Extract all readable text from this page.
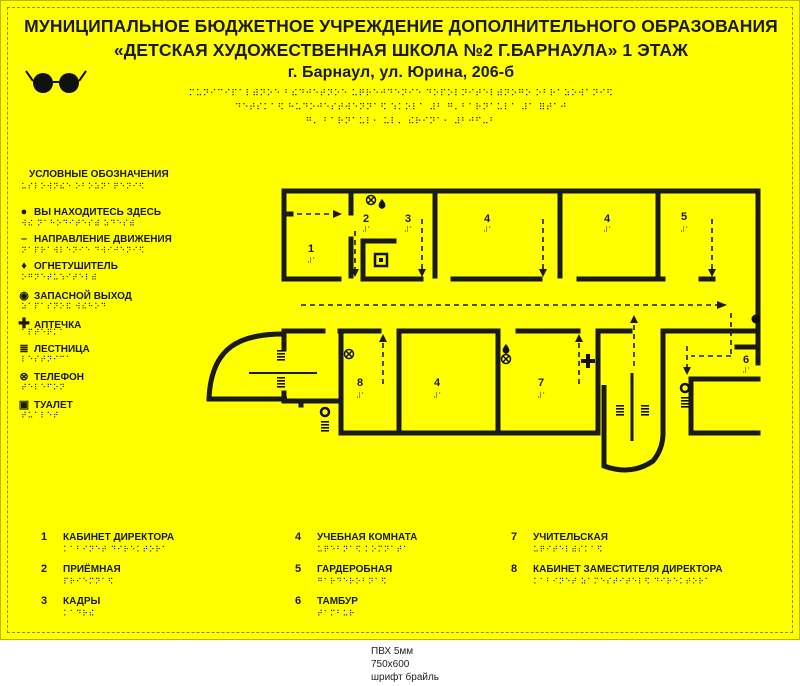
МУНИЦИПАЛЬНОЕ БЮДЖЕТНОЕ УЧРЕЖДЕНИЕ ДОПОЛНИТЕЛЬНОГО ОБРАЗОВАНИЯ
«ДЕТСКАЯ ХУДОЖЕСТВЕННАЯ ШКОЛА №2 Г.БАРНАУЛА» 1 ЭТАЖ
г. Барнаул, ул. Юрина, 206-б
⠍⠥⠝⠊⠉⠊⠏⠁⠇⠾⠝⠕⠑ ⠃⠮⠙⠚⠑⠞⠝⠕⠑ ⠥⠟⠗⠑⠚⠙⠑⠝⠊⠑ ⠙⠕⠏⠕⠇⠝⠊⠞⠑⠇⠾⠝⠕⠛⠕ ⠕⠃⠗⠁⠵⠕⠺⠁⠝⠊⠫
⠙⠑⠞⠎⠅⠁⠫ ⠓⠥⠙⠕⠚⠑⠎⠞⠺⠑⠝⠝⠁⠫ ⠱⠅⠕⠇⠁ ⠼⠃ ⠛⠄⠃⠁⠗⠝⠁⠥⠇⠁ ⠼⠁ ⠿⠞⠁⠚
⠛⠄ ⠃⠁⠗⠝⠁⠥⠇⠂ ⠥⠇⠄ ⠮⠗⠊⠝⠁⠂ ⠼⠃⠚⠋⠤⠃
УСЛОВНЫЕ ОБОЗНАЧЕНИЯ
⠥⠎⠇⠕⠺⠝⠮⠑ ⠕⠃⠕⠵⠝⠁⠟⠑⠝⠊⠫
● ВЫ НАХОДИТЕСЬ ЗДЕСЬ
⠺⠮ ⠝⠁⠓⠕⠙⠊⠞⠑⠎⠾ ⠵⠙⠑⠎⠾
– НАПРАВЛЕНИЕ ДВИЖЕНИЯ
⠝⠁⠏⠗⠁⠺⠇⠑⠝⠊⠑ ⠙⠺⠊⠚⠑⠝⠊⠫
♦ ОГНЕТУШИТЕЛЬ
⠕⠛⠝⠑⠞⠥⠱⠊⠞⠑⠇⠾
◉ ЗАПАСНОЙ ВЫХОД
⠵⠁⠏⠁⠎⠝⠕⠯ ⠺⠮⠓⠕⠙
✚ АПТЕЧКА
⠁⠏⠞⠑⠟⠅⠁
≣ ЛЕСТНИЦА
⠇⠑⠎⠞⠝⠊⠉⠁
⊗ ТЕЛЕФОН
⠞⠑⠇⠑⠋⠕⠝
▣ ТУАЛЕТ
⠞⠥⠁⠇⠑⠞
1
2	3	4	4	5
8	4	7
6
⠼⠁
⠼⠁	⠼⠁	⠼⠁	⠼⠁	⠼⠁
⠼⠁	⠼⠁	⠼⠁
⠼⠁
1 КАБИНЕТ ДИРЕКТОРА
⠅⠁⠃⠊⠝⠑⠞ ⠙⠊⠗⠑⠅⠞⠕⠗⠁
2 ПРИЁМНАЯ
⠏⠗⠊⠑⠍⠝⠁⠫
3 КАДРЫ
⠅⠁⠙⠗⠮
4 УЧЕБНАЯ КОМНАТА
⠥⠟⠑⠃⠝⠁⠫ ⠅⠕⠍⠝⠁⠞⠁
5 ГАРДЕРОБНАЯ
⠛⠁⠗⠙⠑⠗⠕⠃⠝⠁⠫
6 ТАМБУР
⠞⠁⠍⠃⠥⠗
7 УЧИТЕЛЬСКАЯ
⠥⠟⠊⠞⠑⠇⠾⠎⠅⠁⠫
8 КАБИНЕТ ЗАМЕСТИТЕЛЯ ДИРЕКТОРА
⠅⠁⠃⠊⠝⠑⠞ ⠵⠁⠍⠑⠎⠞⠊⠞⠑⠇⠫ ⠙⠊⠗⠑⠅⠞⠕⠗⠁
ПВХ 5мм
750х600
шрифт брайль
